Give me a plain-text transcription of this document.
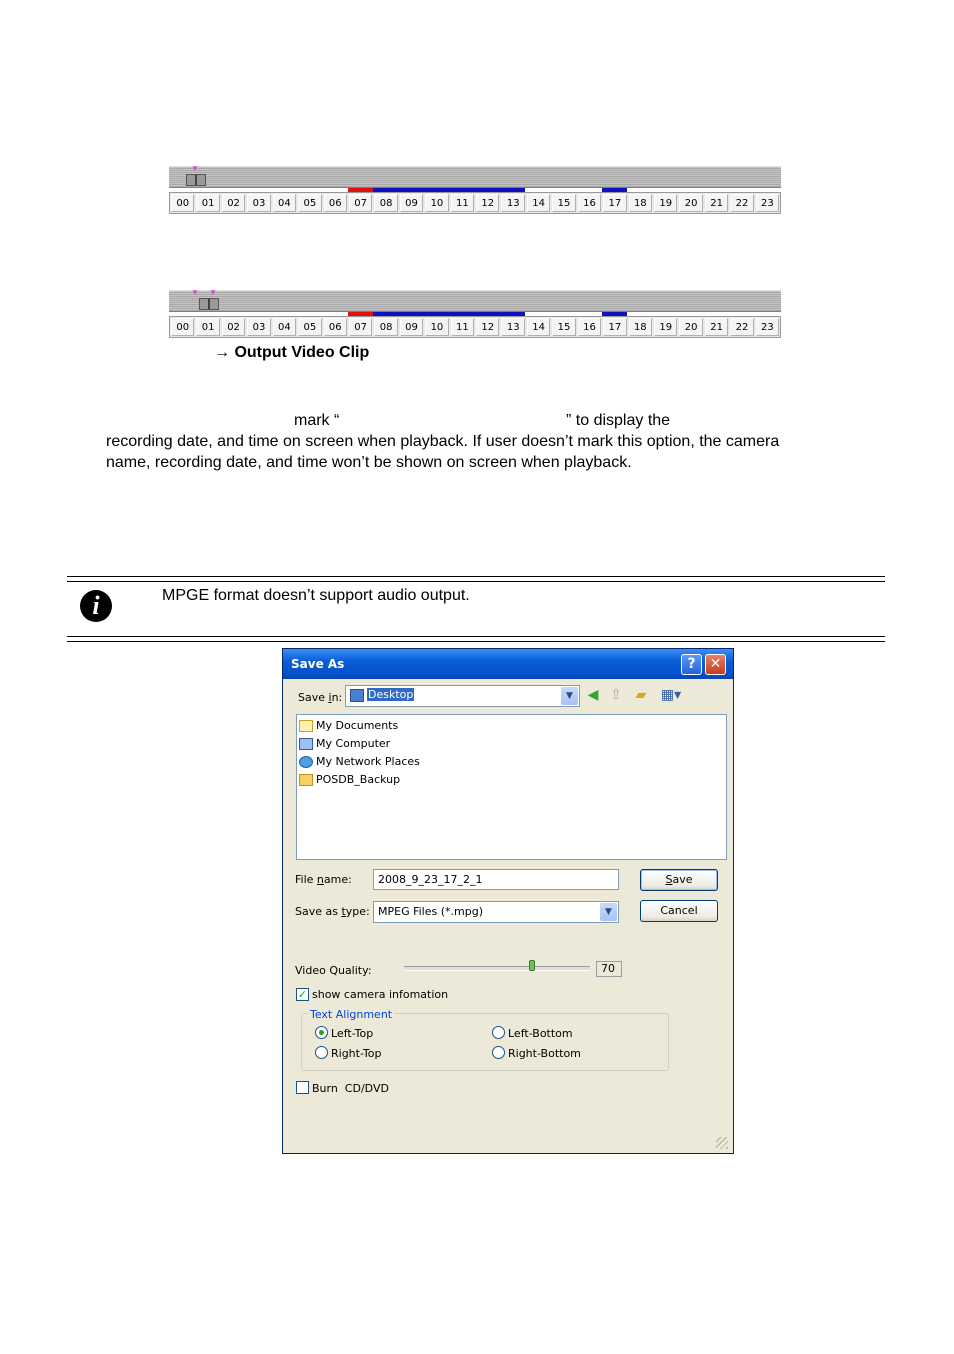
▼
00	01	02	03	04	05	06	07	08	09	10	11	12	13	14	15	16	17	18	19	20	21	22	23
▼ ▼
00	01	02	03	04	05	06	07	08	09	10	11	12	13	14	15	16	17	18	19	20	21	22	23
→ Output Video Clip
mark “	” to display the
recording date, and time on screen when playback. If user doesn’t mark this option, the camera
name, recording date, and time won’t be shown on screen when playback.
i	MPGE format doesn’t support audio output.
Save As	?	✕
Save in:	Desktop	▼	◀ ⇧ ▰ ▦▾
My Documents
My Computer
My Network Places
POSDB_Backup
File name: 2008_9_23_17_2_1	Save
Save as type: MPEG Files (*.mpg)	▼	Cancel
Video Quality:	70
✓ show camera infomation
Text Alignment
Left-Top	Left-Bottom
Right-Top	Right-Bottom
Burn  CD/DVD
